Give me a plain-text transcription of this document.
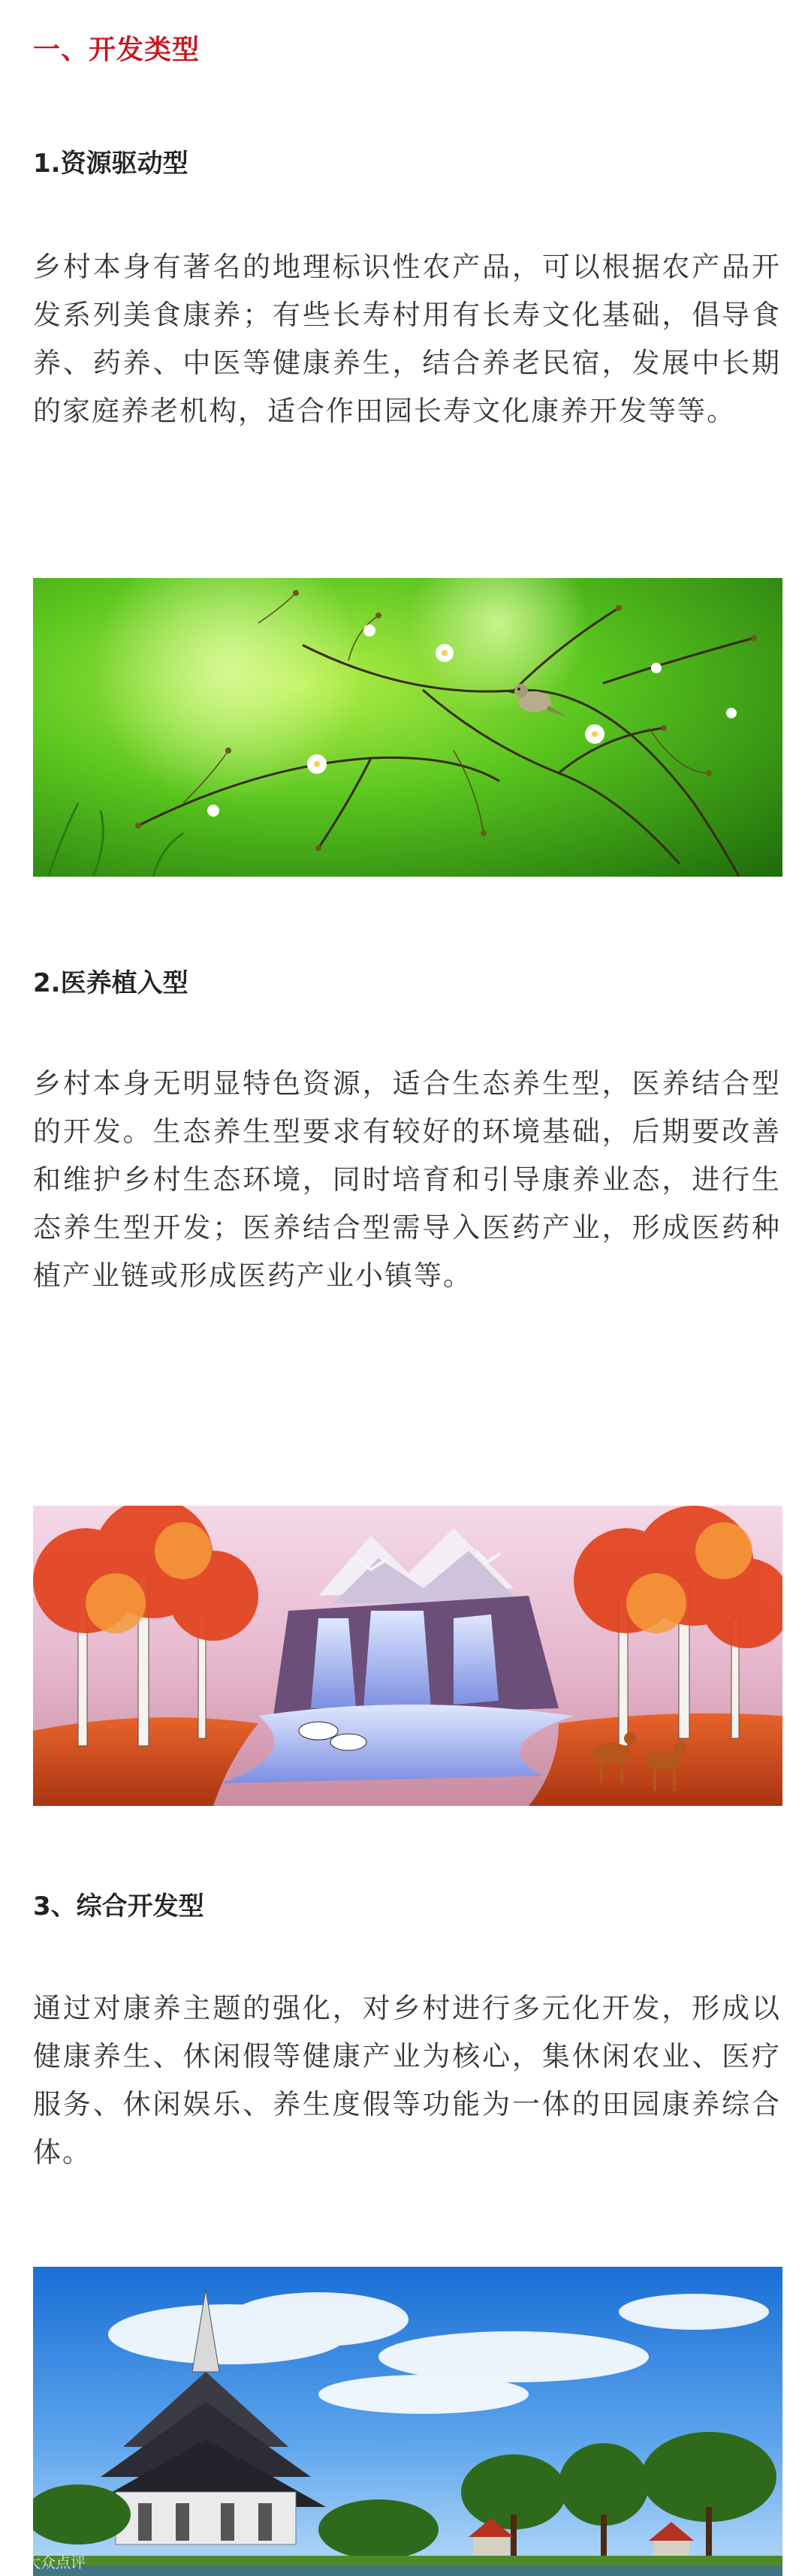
一、开发类型
1.资源驱动型

乡村本身有著名的地理标识性农产品，可以根据农产品开发系列美食康养；有些长寿村用有长寿文化基础，倡导食养、药养、中医等健康养生，结合养老民宿，发展中长期的家庭养老机构，适合作田园长寿文化康养开发等等。

2.医养植入型

乡村本身无明显特色资源，适合生态养生型，医养结合型的开发。生态养生型要求有较好的环境基础，后期要改善和维护乡村生态环境，同时培育和引导康养业态，进行生态养生型开发；医养结合型需导入医药产业，形成医药种植产业链或形成医药产业小镇等。

3、综合开发型

通过对康养主题的强化，对乡村进行多元化开发，形成以健康养生、休闲假等健康产业为核心，集休闲农业、医疗服务、休闲娱乐、养生度假等功能为一体的田园康养综合体。

大众点评
